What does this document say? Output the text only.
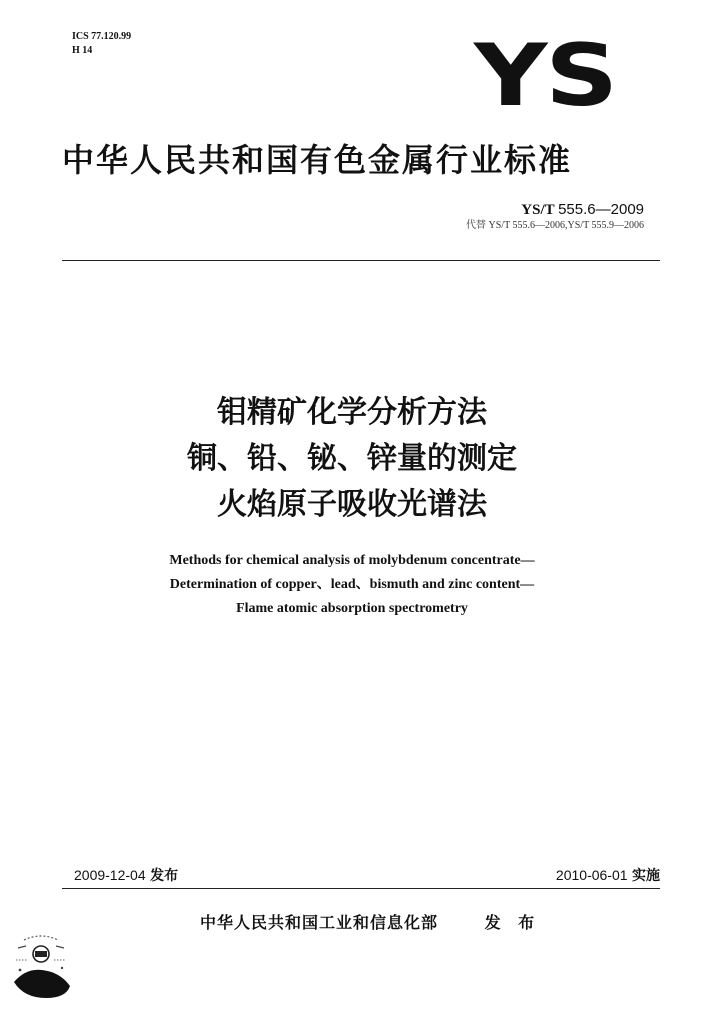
ICS 77.120.99
H 14	YS
中华人民共和国有色金属行业标准
YS/T 555.6—2009
代替 YS/T 555.6—2006,YS/T 555.9—2006
钼精矿化学分析方法
铜、铅、铋、锌量的测定
火焰原子吸收光谱法
Methods for chemical analysis of molybdenum concentrate—
Determination of copper、lead、bismuth and zinc content—
Flame atomic absorption spectrometry
2009-12-04 发布	2010-06-01 实施
中华人民共和国工业和信息化部	发 布
